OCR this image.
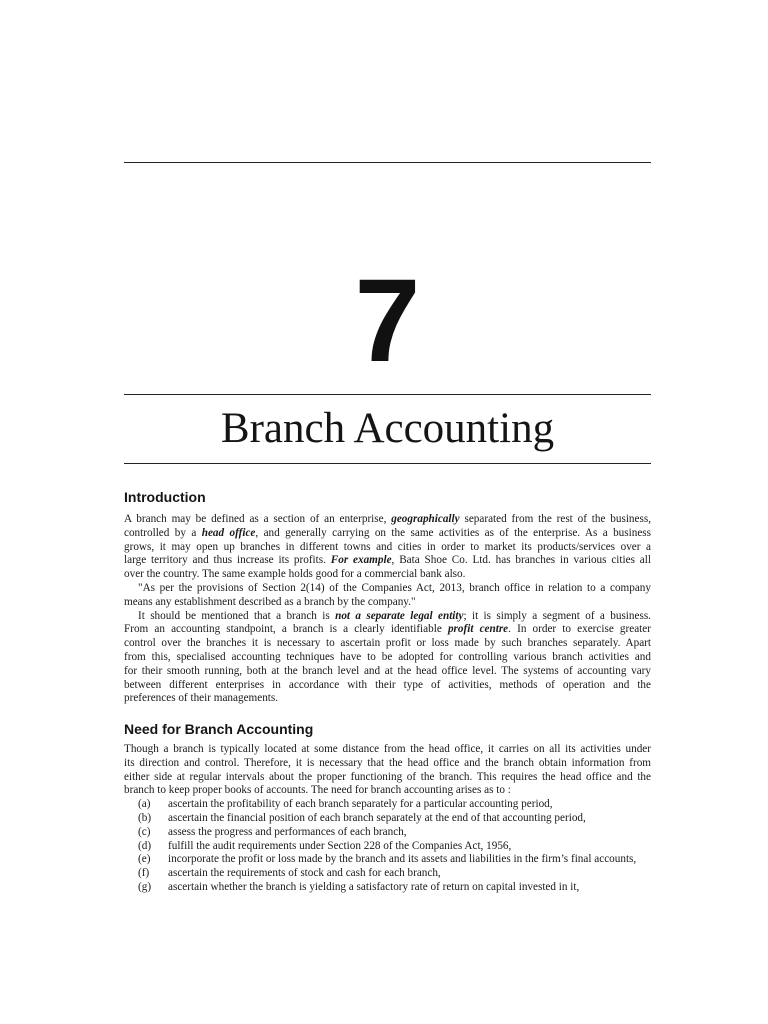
7
Branch Accounting
Introduction
A branch may be defined as a section of an enterprise, geographically separated from the rest of the business,
controlled by a head office, and generally carrying on the same activities as of the enterprise. As a business
grows, it may open up branches in different towns and cities in order to market its products/services over a
large territory and thus increase its profits. For example, Bata Shoe Co. Ltd. has branches in various cities all
over the country. The same example holds good for a commercial bank also.
"As per the provisions of Section 2(14) of the Companies Act, 2013, branch office in relation to a company
means any establishment described as a branch by the company."
It should be mentioned that a branch is not a separate legal entity; it is simply a segment of a business.
From an accounting standpoint, a branch is a clearly identifiable profit centre. In order to exercise greater
control over the branches it is necessary to ascertain profit or loss made by such branches separately. Apart
from this, specialised accounting techniques have to be adopted for controlling various branch activities and
for their smooth running, both at the branch level and at the head office level. The systems of accounting vary
between different enterprises in accordance with their type of activities, methods of operation and the
preferences of their managements.
Need for Branch Accounting
Though a branch is typically located at some distance from the head office, it carries on all its activities under
its direction and control. Therefore, it is necessary that the head office and the branch obtain information from
either side at regular intervals about the proper functioning of the branch. This requires the head office and the
branch to keep proper books of accounts. The need for branch accounting arises as to :
(a) ascertain the profitability of each branch separately for a particular accounting period,
(b) ascertain the financial position of each branch separately at the end of that accounting period,
(c) assess the progress and performances of each branch,
(d) fulfill the audit requirements under Section 228 of the Companies Act, 1956,
(e) incorporate the profit or loss made by the branch and its assets and liabilities in the firm’s final accounts,
(f) ascertain the requirements of stock and cash for each branch,
(g) ascertain whether the branch is yielding a satisfactory rate of return on capital invested in it,
